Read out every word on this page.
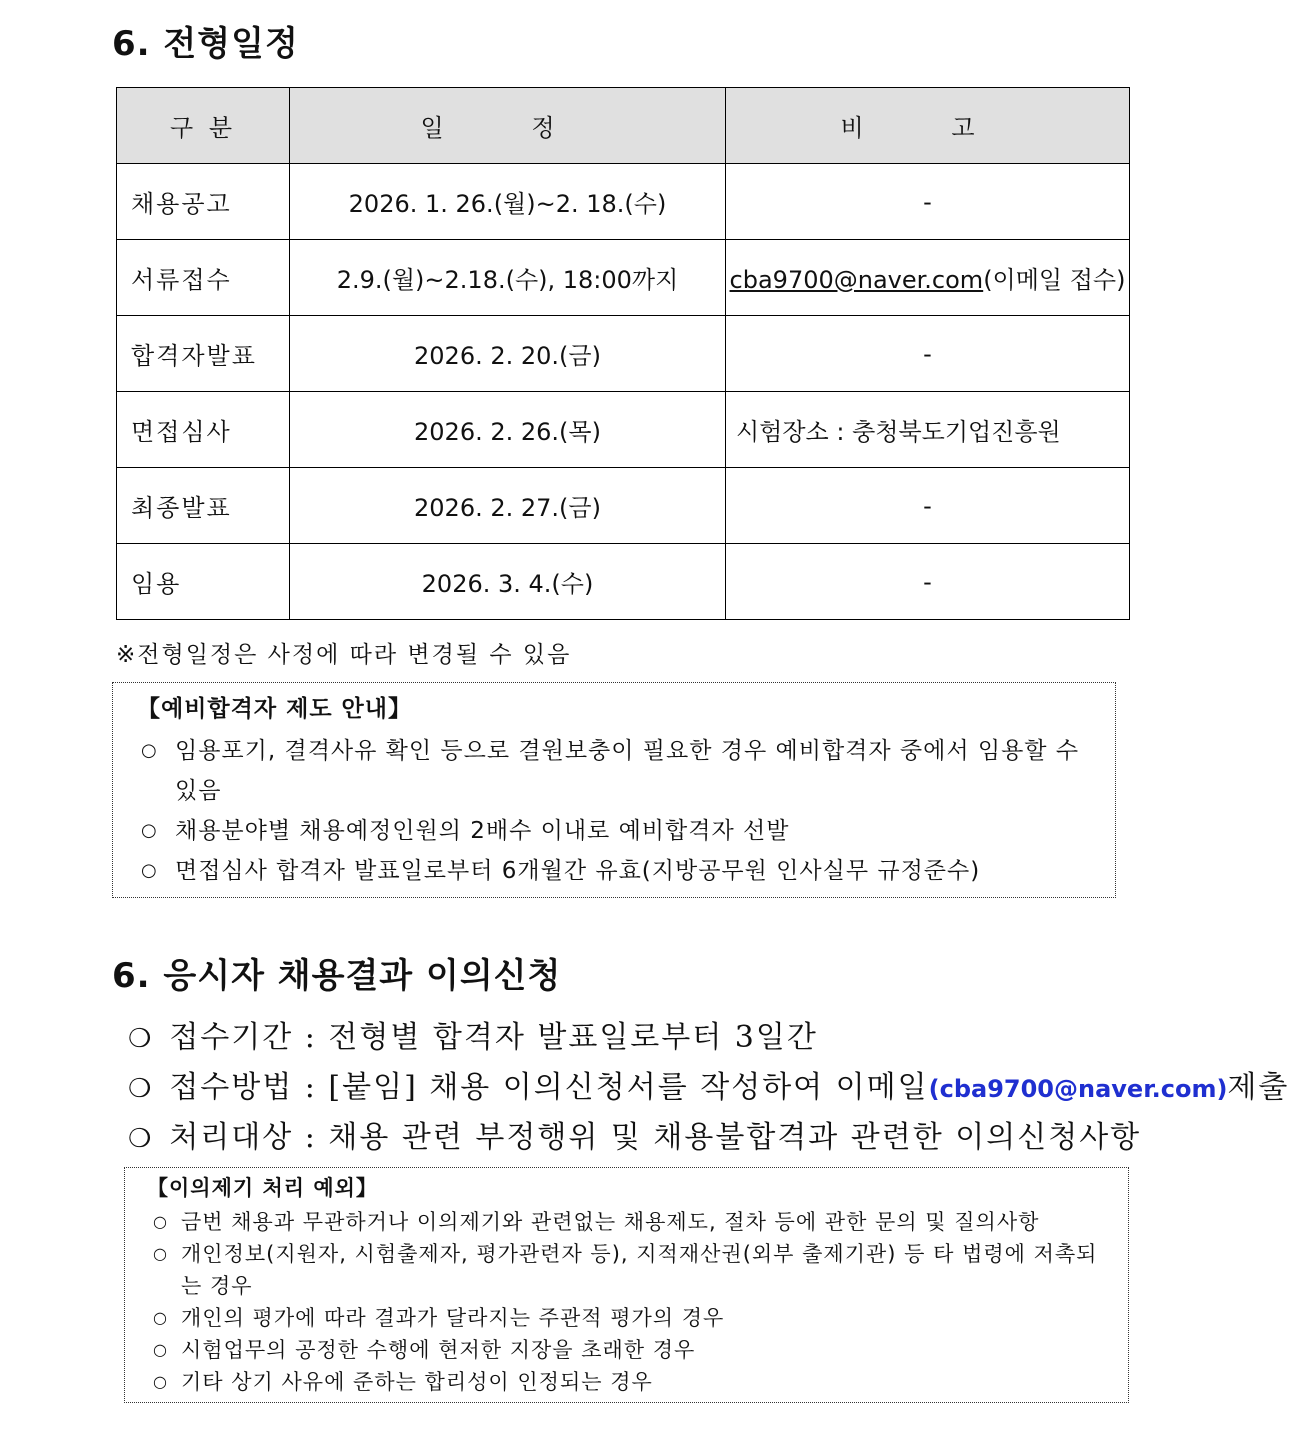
6. 전형일정
구 분	일 정	비 고
채용공고	2026. 1. 26.(월)~2. 18.(수)	-
서류접수	2.9.(월)~2.18.(수), 18:00까지	cba9700@naver.com(이메일 접수)
합격자발표	2026. 2. 20.(금)	-
면접심사	2026. 2. 26.(목)	시험장소 : 충청북도기업진흥원
최종발표	2026. 2. 27.(금)	-
임용	2026. 3. 4.(수)	-
※전형일정은 사정에 따라 변경될 수 있음
【예비합격자 제도 안내】
○ 임용포기, 결격사유 확인 등으로 결원보충이 필요한 경우 예비합격자 중에서 임용할 수 있음
○ 채용분야별 채용예정인원의 2배수 이내로 예비합격자 선발
○ 면접심사 합격자 발표일로부터 6개월간 유효(지방공무원 인사실무 규정준수)
6. 응시자 채용결과 이의신청
❍ 접수기간 : 전형별 합격자 발표일로부터 3일간
❍ 접수방법 : [붙임] 채용 이의신청서를 작성하여 이메일(cba9700@naver.com)제출
❍ 처리대상 : 채용 관련 부정행위 및 채용불합격과 관련한 이의신청사항
【이의제기 처리 예외】
○ 금번 채용과 무관하거나 이의제기와 관련없는 채용제도, 절차 등에 관한 문의 및 질의사항
○ 개인정보(지원자, 시험출제자, 평가관련자 등), 지적재산권(외부 출제기관) 등 타 법령에 저촉되는 경우
○ 개인의 평가에 따라 결과가 달라지는 주관적 평가의 경우
○ 시험업무의 공정한 수행에 현저한 지장을 초래한 경우
○ 기타 상기 사유에 준하는 합리성이 인정되는 경우
